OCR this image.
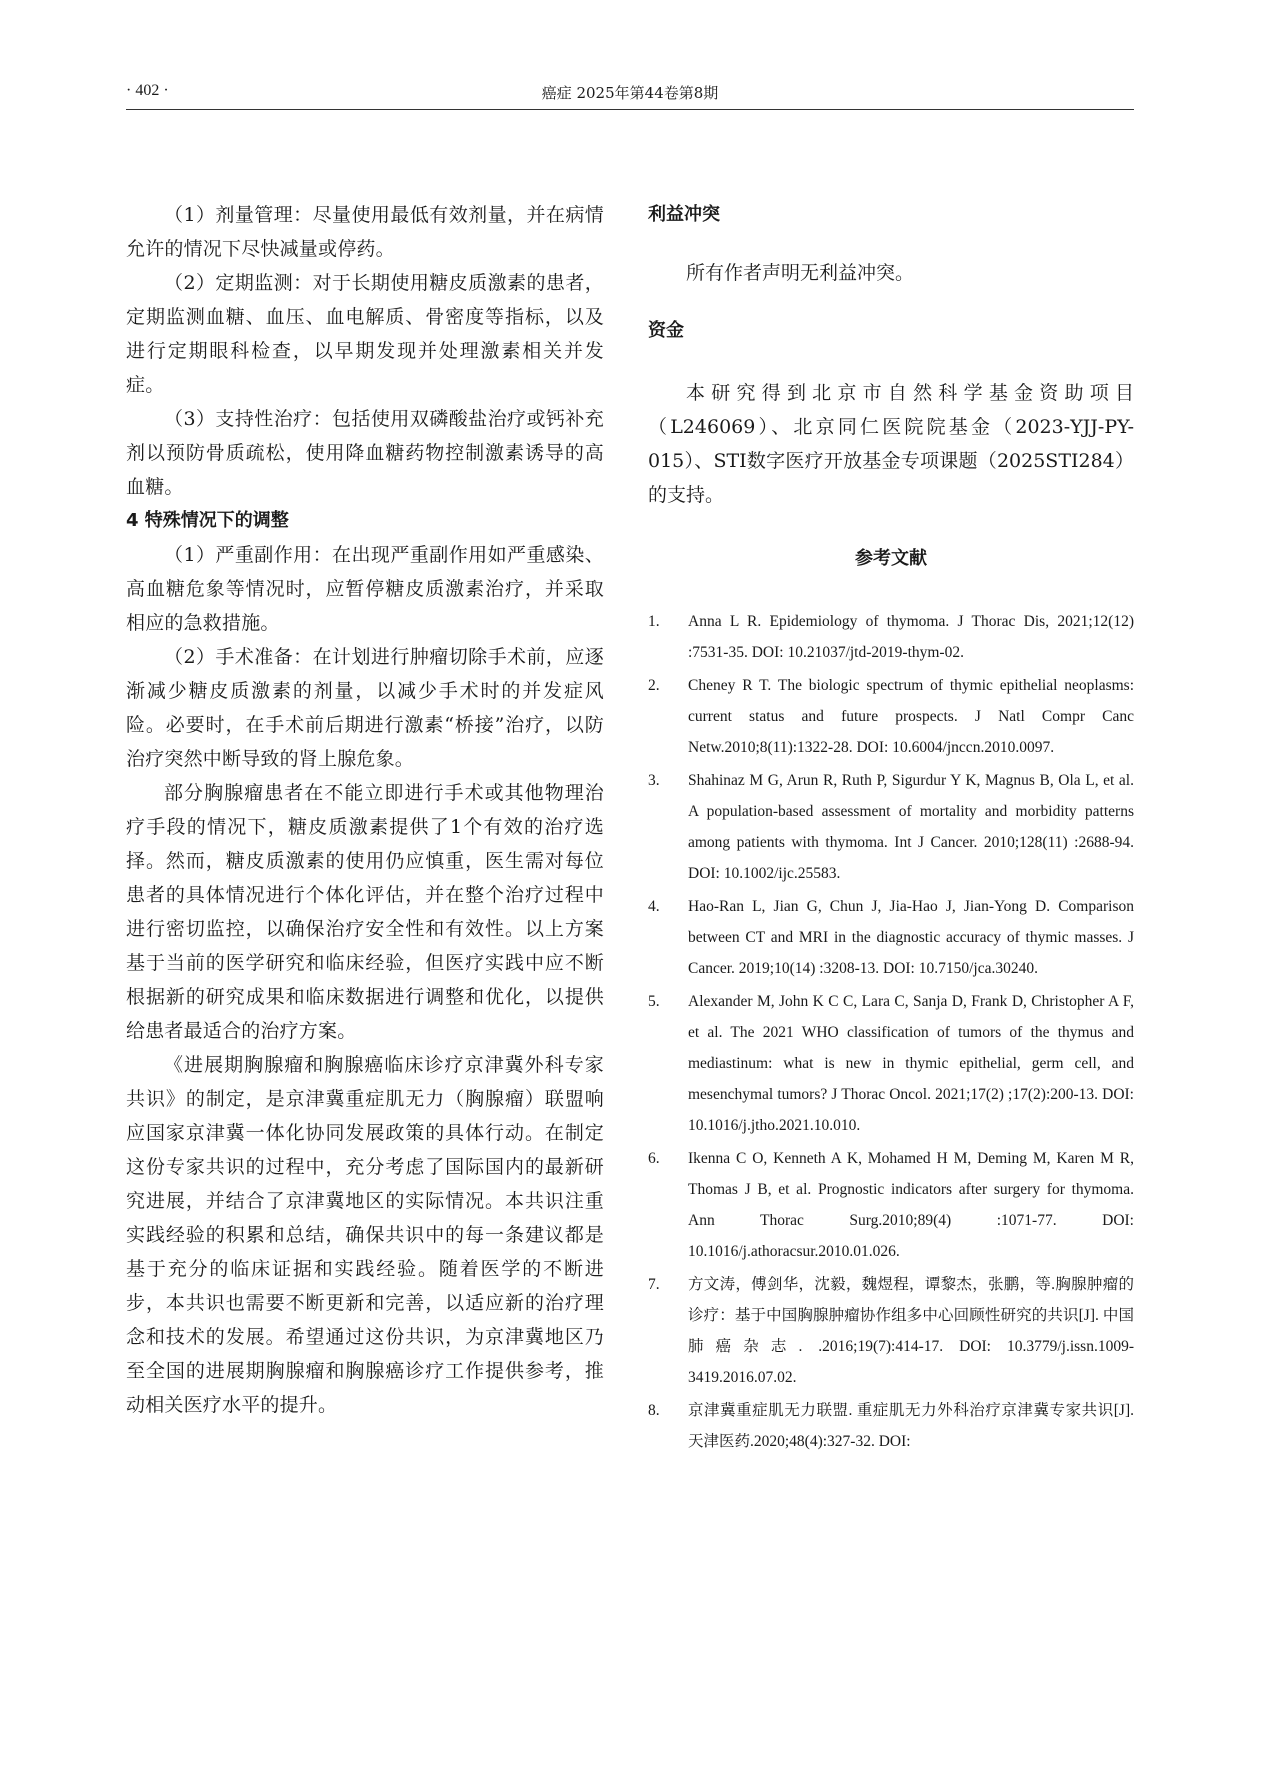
· 402 ·	癌症 2025年第44卷第8期

（1）剂量管理：尽量使用最低有效剂量，并在病情允许的情况下尽快减量或停药。

（2）定期监测：对于长期使用糖皮质激素的患者，定期监测血糖、血压、血电解质、骨密度等指标，以及进行定期眼科检查，以早期发现并处理激素相关并发症。

（3）支持性治疗：包括使用双磷酸盐治疗或钙补充剂以预防骨质疏松，使用降血糖药物控制激素诱导的高血糖。

4 特殊情况下的调整

（1）严重副作用：在出现严重副作用如严重感染、高血糖危象等情况时，应暂停糖皮质激素治疗，并采取相应的急救措施。

（2）手术准备：在计划进行肿瘤切除手术前，应逐渐减少糖皮质激素的剂量，以减少手术时的并发症风险。必要时，在手术前后期进行激素“桥接”治疗，以防治疗突然中断导致的肾上腺危象。

部分胸腺瘤患者在不能立即进行手术或其他物理治疗手段的情况下，糖皮质激素提供了1个有效的治疗选择。然而，糖皮质激素的使用仍应慎重，医生需对每位患者的具体情况进行个体化评估，并在整个治疗过程中进行密切监控，以确保治疗安全性和有效性。以上方案基于当前的医学研究和临床经验，但医疗实践中应不断根据新的研究成果和临床数据进行调整和优化，以提供给患者最适合的治疗方案。

《进展期胸腺瘤和胸腺癌临床诊疗京津冀外科专家共识》的制定，是京津冀重症肌无力（胸腺瘤）联盟响应国家京津冀一体化协同发展政策的具体行动。在制定这份专家共识的过程中，充分考虑了国际国内的最新研究进展，并结合了京津冀地区的实际情况。本共识注重实践经验的积累和总结，确保共识中的每一条建议都是基于充分的临床证据和实践经验。随着医学的不断进步，本共识也需要不断更新和完善，以适应新的治疗理念和技术的发展。希望通过这份共识，为京津冀地区乃至全国的进展期胸腺瘤和胸腺癌诊疗工作提供参考，推动相关医疗水平的提升。

利益冲突

所有作者声明无利益冲突。

资金

本研究得到北京市自然科学基金资助项目（L246069）、北京同仁医院院基金（2023-YJJ-PY-015）、STI数字医疗开放基金专项课题（2025STI284）的支持。

参考文献

1. Anna L R. Epidemiology of thymoma. J Thorac Dis, 2021;12(12) :7531-35. DOI: 10.21037/jtd-2019-thym-02.
2. Cheney R T. The biologic spectrum of thymic epithelial neoplasms: current status and future prospects. J Natl Compr Canc Netw.2010;8(11):1322-28. DOI: 10.6004/jnccn.2010.0097.
3. Shahinaz M G, Arun R, Ruth P, Sigurdur Y K, Magnus B, Ola L, et al. A population-based assessment of mortality and morbidity patterns among patients with thymoma. Int J Cancer. 2010;128(11) :2688-94. DOI: 10.1002/ijc.25583.
4. Hao-Ran L, Jian G, Chun J, Jia-Hao J, Jian-Yong D. Comparison between CT and MRI in the diagnostic accuracy of thymic masses. J Cancer. 2019;10(14) :3208-13. DOI: 10.7150/jca.30240.
5. Alexander M, John K C C, Lara C, Sanja D, Frank D, Christopher A F, et al. The 2021 WHO classification of tumors of the thymus and mediastinum: what is new in thymic epithelial, germ cell, and mesenchymal tumors? J Thorac Oncol. 2021;17(2) ;17(2):200-13. DOI: 10.1016/j.jtho.2021.10.010.
6. Ikenna C O, Kenneth A K, Mohamed H M, Deming M, Karen M R, Thomas J B, et al. Prognostic indicators after surgery for thymoma. Ann Thorac Surg.2010;89(4) :1071-77. DOI: 10.1016/j.athoracsur.2010.01.026.
7. 方文涛，傅剑华，沈毅，魏煜程，谭黎杰，张鹏，等.胸腺肿瘤的诊疗：基于中国胸腺肿瘤协作组多中心回顾性研究的共识[J]. 中国肺癌杂志. .2016;19(7):414-17. DOI: 10.3779/j.issn.1009-3419.2016.07.02.
8. 京津冀重症肌无力联盟. 重症肌无力外科治疗京津冀专家共识[J]. 天津医药.2020;48(4):327-32. DOI:
